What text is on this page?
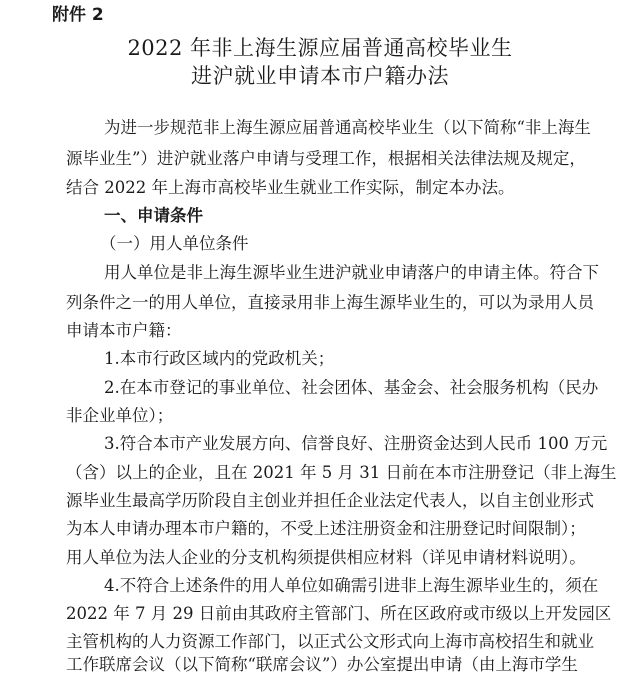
附件 2
2022 年非上海生源应届普通高校毕业生
进沪就业申请本市户籍办法
为进一步规范非上海生源应届普通高校毕业生（以下简称“非上海生
源毕业生”）进沪就业落户申请与受理工作，根据相关法律法规及规定，
结合 2022 年上海市高校毕业生就业工作实际，制定本办法。
一、申请条件
（一）用人单位条件
用人单位是非上海生源毕业生进沪就业申请落户的申请主体。符合下
列条件之一的用人单位，直接录用非上海生源毕业生的，可以为录用人员
申请本市户籍：
1.本市行政区域内的党政机关；
2.在本市登记的事业单位、社会团体、基金会、社会服务机构（民办
非企业单位）；
3.符合本市产业发展方向、信誉良好、注册资金达到人民币 100 万元
（含）以上的企业，且在 2021 年 5 月 31 日前在本市注册登记（非上海生
源毕业生最高学历阶段自主创业并担任企业法定代表人，以自主创业形式
为本人申请办理本市户籍的，不受上述注册资金和注册登记时间限制）；
用人单位为法人企业的分支机构须提供相应材料（详见申请材料说明）。
4.不符合上述条件的用人单位如确需引进非上海生源毕业生的，须在
2022 年 7 月 29 日前由其政府主管部门、所在区政府或市级以上开发园区
主管机构的人力资源工作部门，以正式公文形式向上海市高校招生和就业
工作联席会议（以下简称“联席会议”）办公室提出申请（由上海市学生
